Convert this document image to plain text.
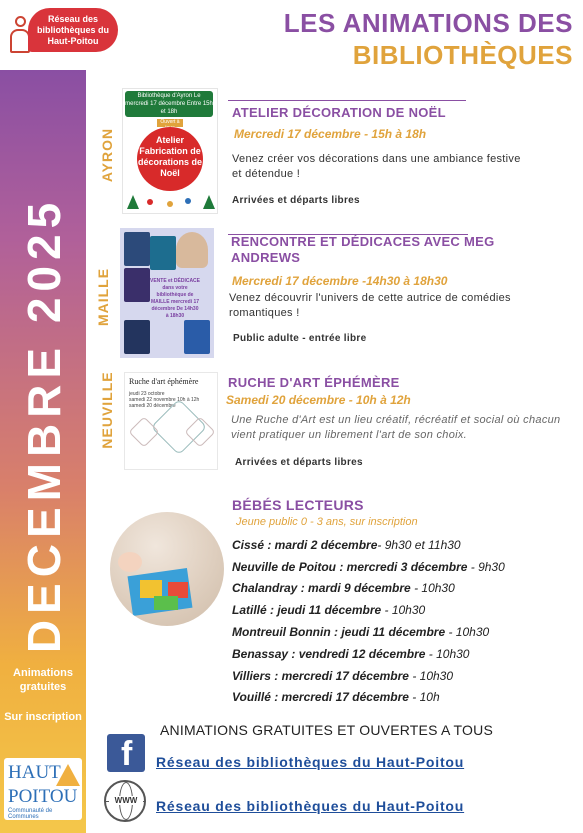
Réseau des bibliothèques du Haut-Poitou
LES ANIMATIONS DES
BIBLIOTHÈQUES
DECEMBRE 2025
Animations gratuites
Sur inscription
HAUT
POITOU
Communauté de Communes
AYRON
Bibliothèque d'Ayron Le mercredi 17 décembre Entre 15h et 18h
Ouvert à
Atelier Fabrication de décorations de Noël
ATELIER DÉCORATION DE NOËL
Mercredi 17 décembre - 15h à 18h
Venez créer vos décorations dans une ambiance festive et détendue !
Arrivées et départs libres
MAILLE	VENTE et DÉDICACE dans votre bibliothèque de MAILLE mercredi 17 décembre De 14h30 à 18h30
RENCONTRE ET DÉDICACES AVEC MEG ANDREWS
Mercredi 17 décembre -14h30 à 18h30
Venez découvrir l'univers de cette autrice de comédies romantiques !
Public adulte - entrée libre
NEUVILLE Ruche d'art éphémère
jeudi 23 octobre
samedi 22 novembre 10h à 12h
samedi 20 décembre
RUCHE D'ART ÉPHÉMÈRE
Samedi 20 décembre - 10h à 12h
Une Ruche d'Art est un lieu créatif, récréatif et social où chacun vient pratiquer un librement l'art de son choix.
Arrivées et départs libres
BÉBÉS LECTEURS
Jeune public 0 - 3 ans, sur inscription
Cissé : mardi 2 décembre- 9h30 et 11h30
Neuville de Poitou : mercredi 3 décembre - 9h30
Chalandray : mardi 9 décembre - 10h30
Latillé : jeudi 11 décembre - 10h30
Montreuil Bonnin : jeudi 11 décembre - 10h30
Benassay : vendredi 12 décembre - 10h30
Villiers : mercredi 17 décembre - 10h30
Vouillé : mercredi 17 décembre - 10h
ANIMATIONS GRATUITES ET OUVERTES A TOUS
f Réseau des bibliothèques du Haut-Poitou
WWW	Réseau des bibliothèques du Haut-Poitou
